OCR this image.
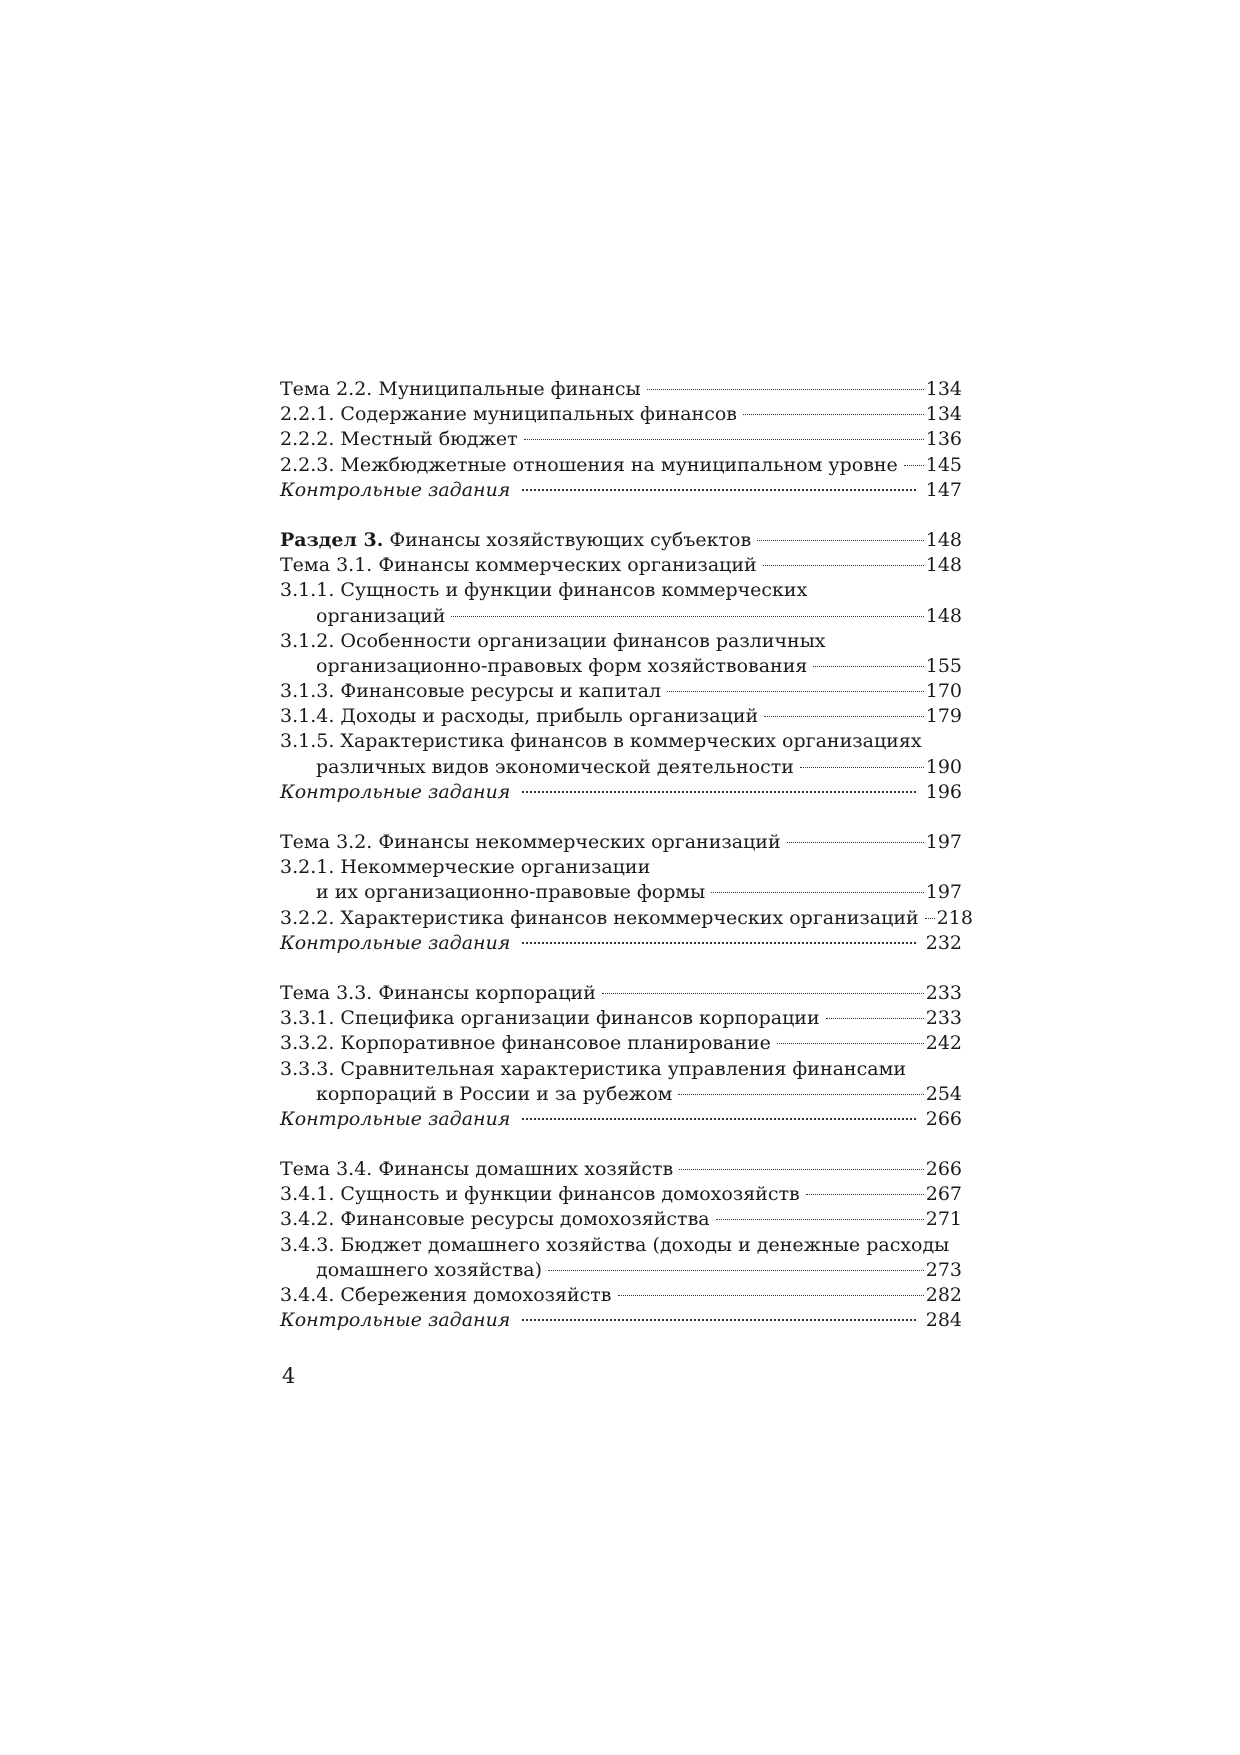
Тема 2.2. Муниципальные финансы	134
2.2.1. Содержание муниципальных финансов	134
2.2.2. Местный бюджет	136
2.2.3. Межбюджетные отношения на муниципальном уровне 145
Контрольные задания	147
Раздел 3. Финансы хозяйствующих субъектов	148
Тема 3.1. Финансы коммерческих организаций	148
3.1.1. Сущность и функции финансов коммерческих
организаций	148
3.1.2. Особенности организации финансов различных
организационно-правовых форм хозяйствования	155
3.1.3. Финансовые ресурсы и капитал	170
3.1.4. Доходы и расходы, прибыль организаций	179
3.1.5. Характеристика финансов в коммерческих организациях
различных видов экономической деятельности	190
Контрольные задания	196
Тема 3.2. Финансы некоммерческих организаций	197
3.2.1. Некоммерческие организации
и их организационно-правовые формы	197
3.2.2. Характеристика финансов некоммерческих организаций 218
Контрольные задания	232
Тема 3.3. Финансы корпораций	233
3.3.1. Специфика организации финансов корпорации	233
3.3.2. Корпоративное финансовое планирование	242
3.3.3. Сравнительная характеристика управления финансами
корпораций в России и за рубежом	254
Контрольные задания	266
Тема 3.4. Финансы домашних хозяйств	266
3.4.1. Сущность и функции финансов домохозяйств	267
3.4.2. Финансовые ресурсы домохозяйства	271
3.4.3. Бюджет домашнего хозяйства (доходы и денежные расходы
домашнего хозяйства)	273
3.4.4. Сбережения домохозяйств	282
Контрольные задания	284
4
